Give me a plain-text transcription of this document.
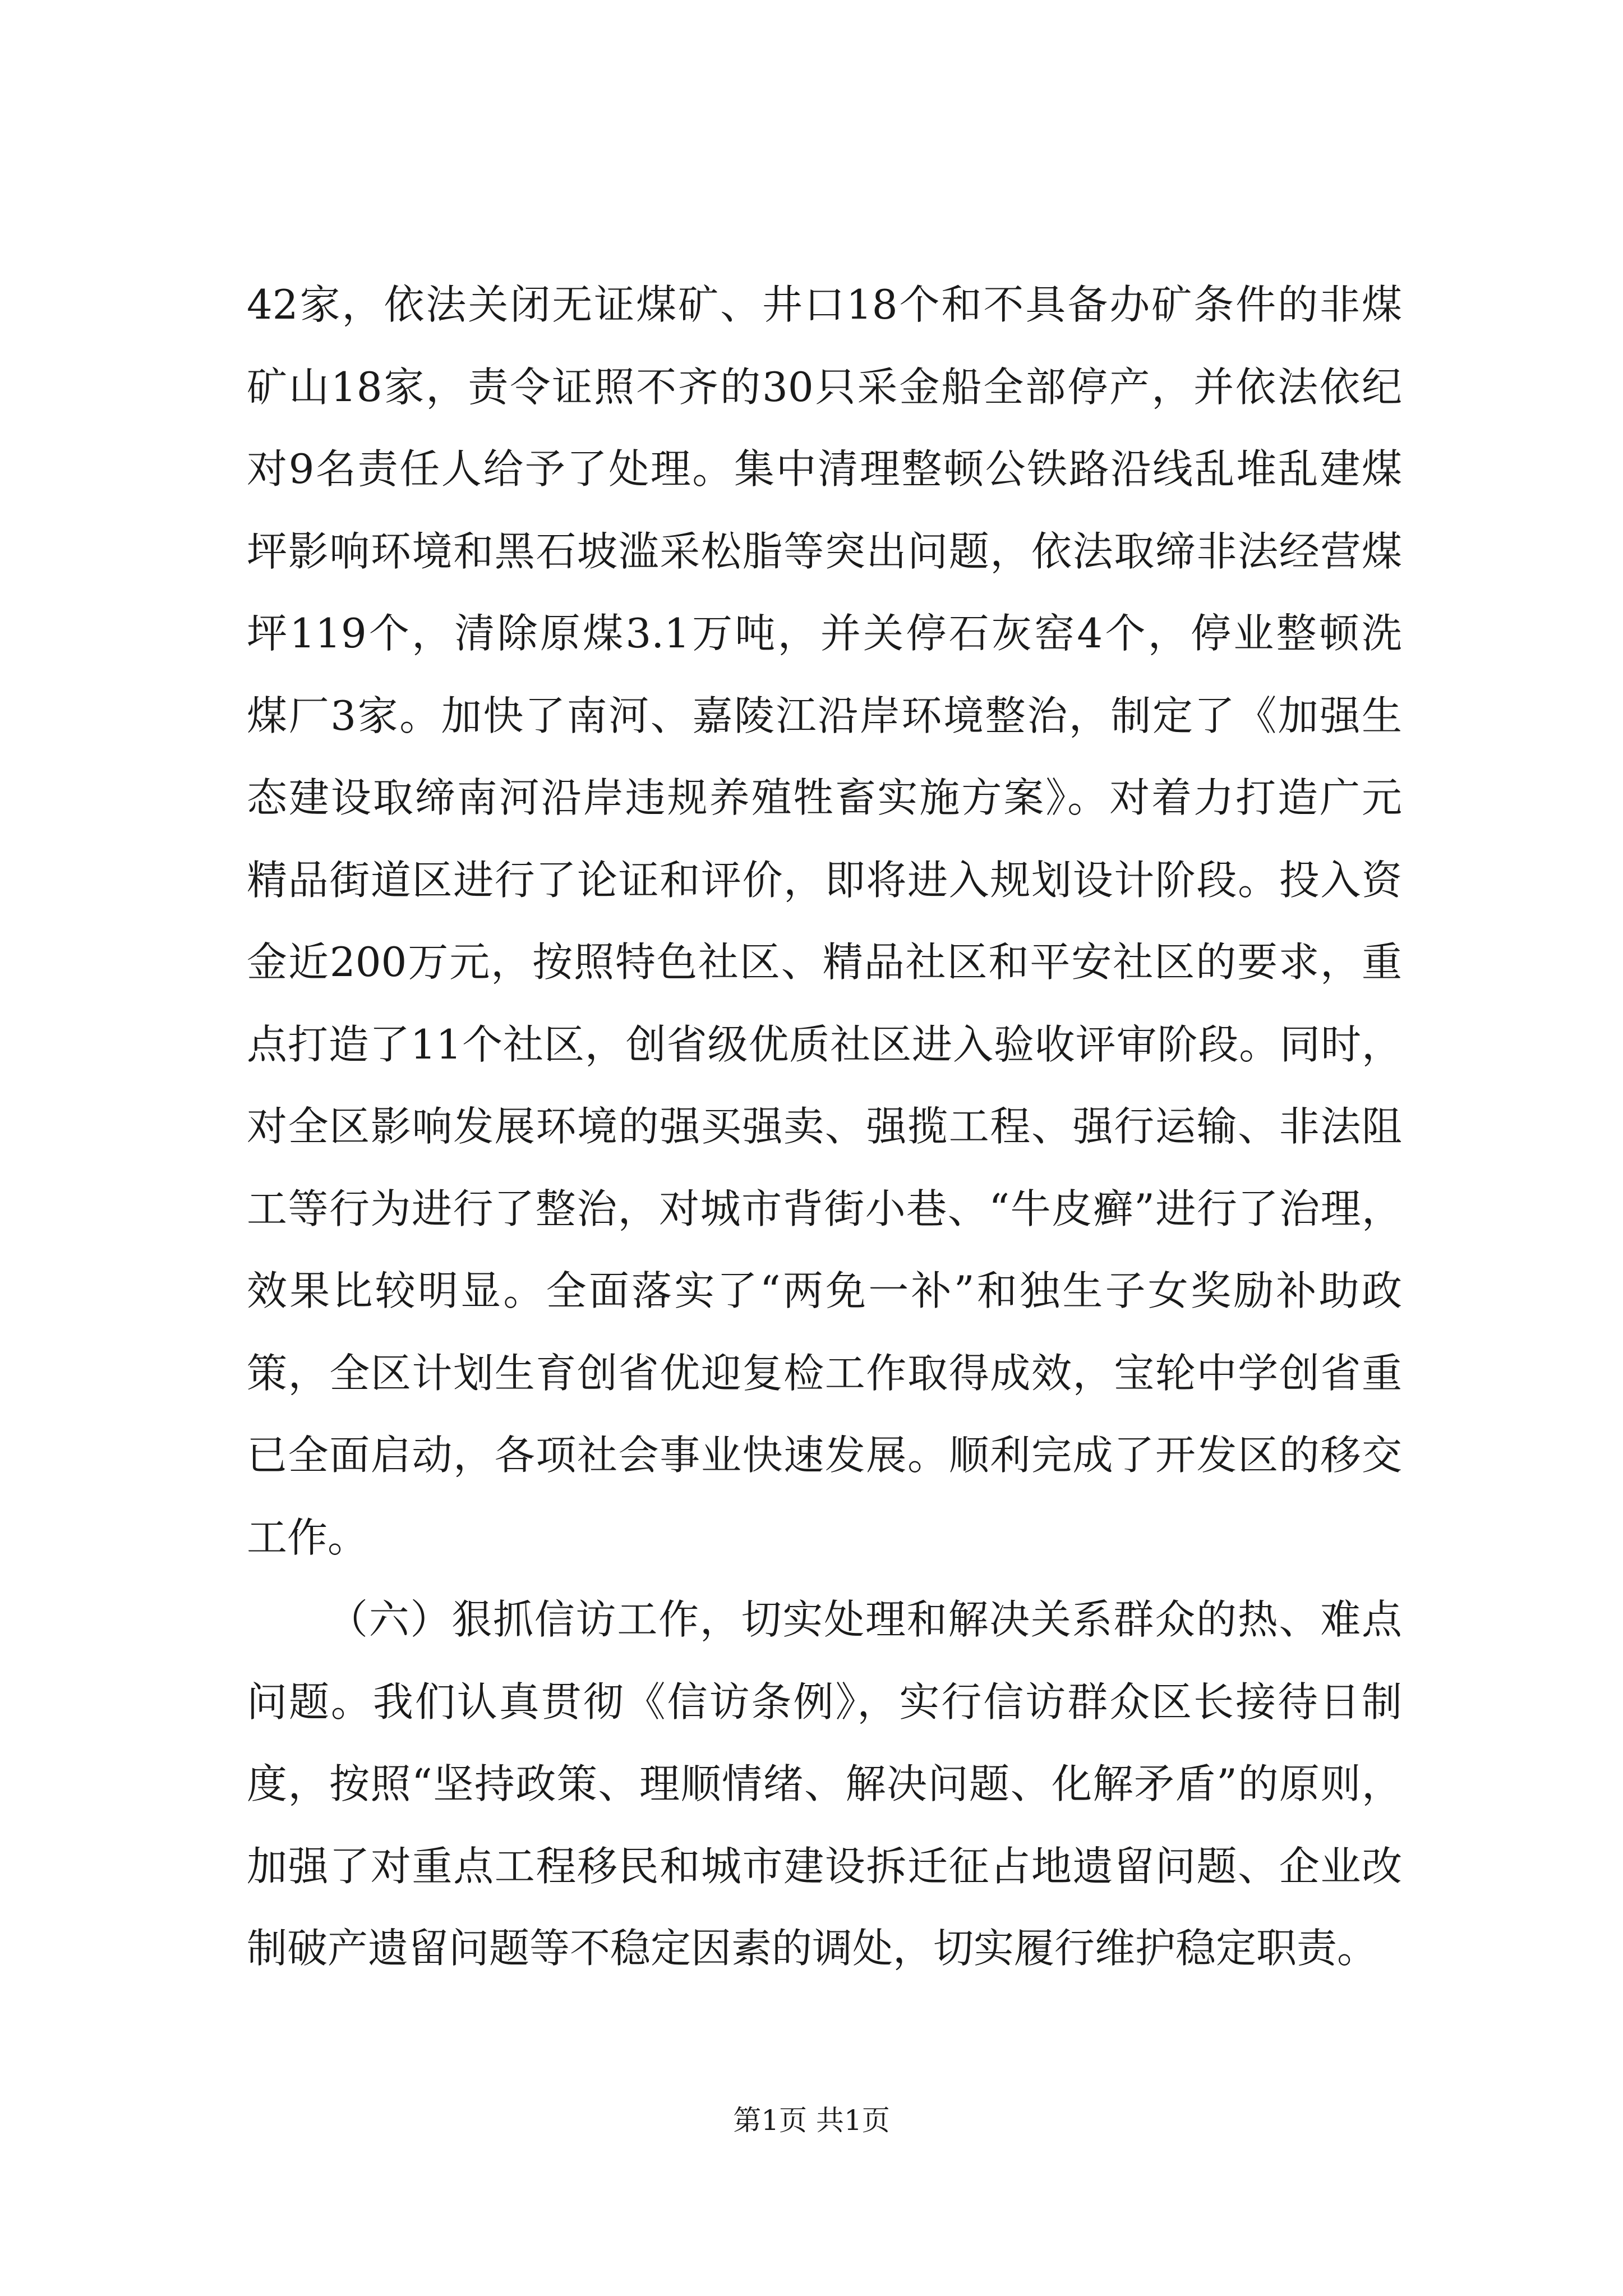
42家，依法关闭无证煤矿、井口18个和不具备办矿条件的非煤
矿山18家，责令证照不齐的30只采金船全部停产，并依法依纪
对9名责任人给予了处理。集中清理整顿公铁路沿线乱堆乱建煤
坪影响环境和黑石坡滥采松脂等突出问题，依法取缔非法经营煤
坪119个，清除原煤3.1万吨，并关停石灰窑4个，停业整顿洗
煤厂3家。加快了南河、嘉陵江沿岸环境整治，制定了《加强生
态建设取缔南河沿岸违规养殖牲畜实施方案》。对着力打造广元
精品街道区进行了论证和评价，即将进入规划设计阶段。投入资
金近200万元，按照特色社区、精品社区和平安社区的要求，重
点打造了11个社区，创省级优质社区进入验收评审阶段。同时，
对全区影响发展环境的强买强卖、强揽工程、强行运输、非法阻
工等行为进行了整治，对城市背街小巷、“牛皮癣”进行了治理，
效果比较明显。全面落实了“两免一补”和独生子女奖励补助政
策，全区计划生育创省优迎复检工作取得成效，宝轮中学创省重
已全面启动，各项社会事业快速发展。顺利完成了开发区的移交
工作。
（六）狠抓信访工作，切实处理和解决关系群众的热、难点
问题。我们认真贯彻《信访条例》，实行信访群众区长接待日制
度，按照“坚持政策、理顺情绪、解决问题、化解矛盾”的原则，
加强了对重点工程移民和城市建设拆迁征占地遗留问题、企业改
制破产遗留问题等不稳定因素的调处，切实履行维护稳定职责。
第1页 共1页
